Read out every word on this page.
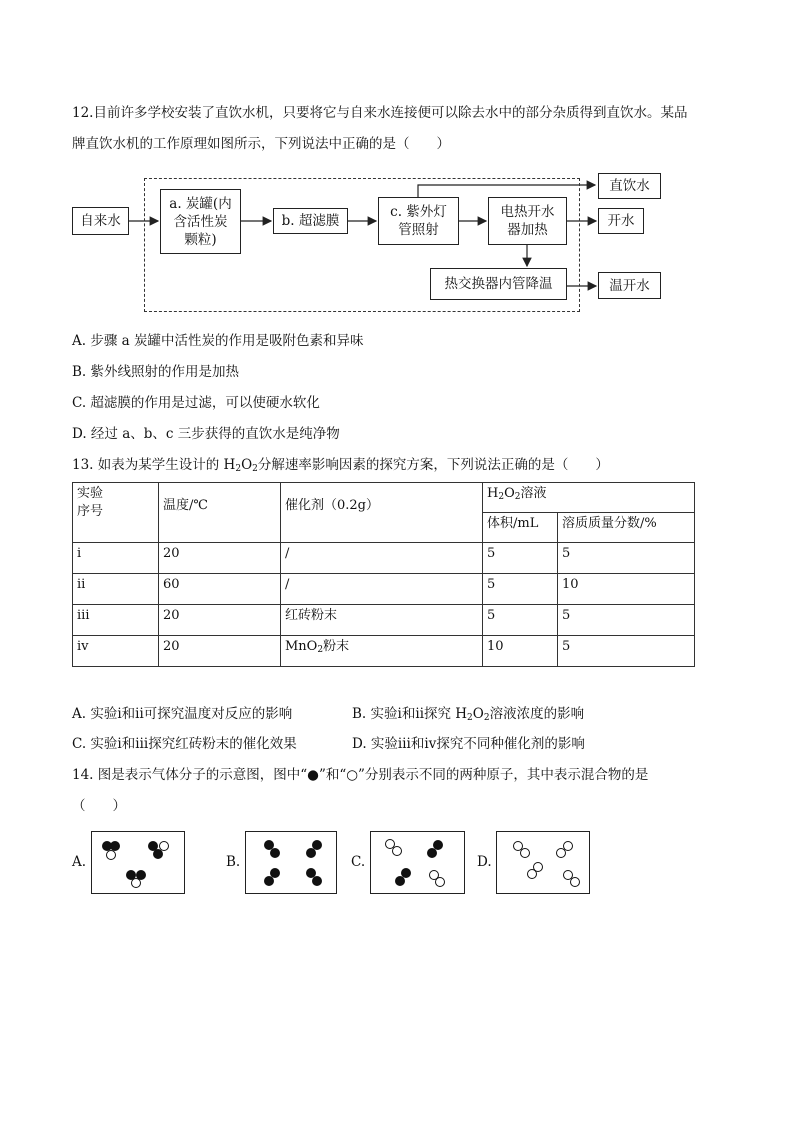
12.目前许多学校安装了直饮水机，只要将它与自来水连接便可以除去水中的部分杂质得到直饮水。某品
牌直饮水机的工作原理如图所示，下列说法中正确的是（　　）
自来水
a. 炭罐(内
含活性炭
颗粒)
b. 超滤膜
c. 紫外灯
管照射
电热开水
器加热
热交换器内管降温
直饮水
开水
温开水
A. 步骤 a 炭罐中活性炭的作用是吸附色素和异味
B. 紫外线照射的作用是加热
C. 超滤膜的作用是过滤，可以使硬水软化
D. 经过 a、b、c 三步获得的直饮水是纯净物
13. 如表为某学生设计的 $H_2O_2$分解速率影响因素的探究方案，下列说法正确的是（　　）
实验
序号	温度/℃	催化剂（0.2g）	$H_2O_2$溶液	
			体积/mL	溶质质量分数/%
ⅰ	20	/	5	5
ⅱ	60	/	5	10
ⅲ	20	红砖粉末	5	5
ⅳ	20	MnO$_2$粉末	10	5
A. 实验ⅰ和ⅱ可探究温度对反应的影响	B. 实验ⅰ和ⅱ探究 $H_2O_2$溶液浓度的影响
C. 实验ⅰ和ⅲ探究红砖粉末的催化效果	D. 实验ⅲ和ⅳ探究不同种催化剂的影响
14. 图是表示气体分子的示意图，图中“●”和“○”分别表示不同的两种原子，其中表示混合物的是
（　　）
A.	B.	C.	D.
